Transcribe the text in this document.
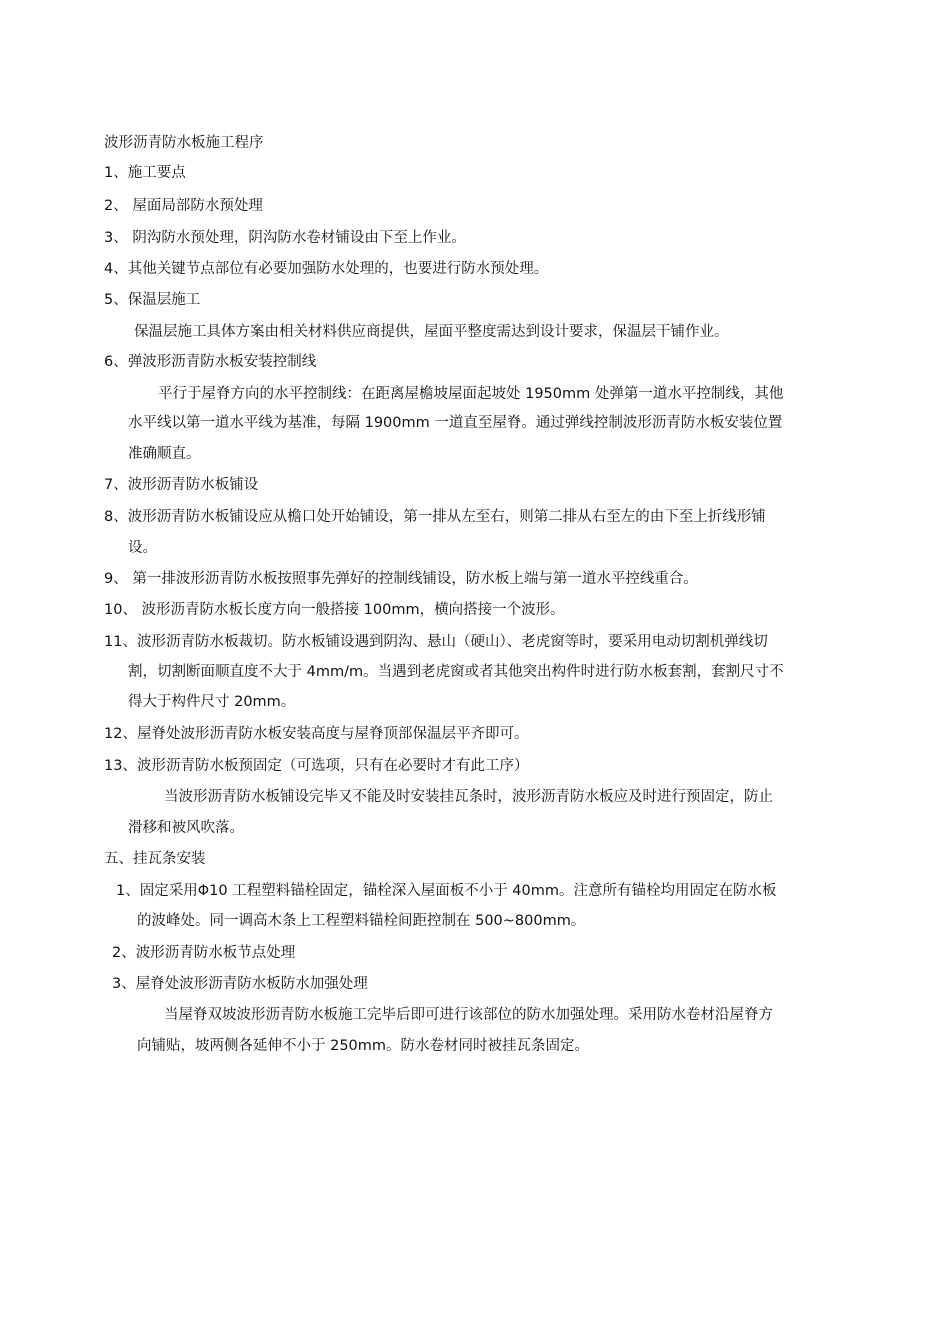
波形沥青防水板施工程序
1、施工要点
2、 屋面局部防水预处理
3、 阴沟防水预处理，阴沟防水卷材铺设由下至上作业。
4、其他关键节点部位有必要加强防水处理的，也要进行防水预处理。
5、保温层施工
保温层施工具体方案由相关材料供应商提供，屋面平整度需达到设计要求，保温层干铺作业。
6、弹波形沥青防水板安装控制线
平行于屋脊方向的水平控制线：在距离屋檐坡屋面起坡处 1950mm 处弹第一道水平控制线，其他
水平线以第一道水平线为基准，每隔 1900mm 一道直至屋脊。通过弹线控制波形沥青防水板安装位置
准确顺直。
7、波形沥青防水板铺设
8、波形沥青防水板铺设应从檐口处开始铺设，第一排从左至右，则第二排从右至左的由下至上折线形铺
设。
9、 第一排波形沥青防水板按照事先弹好的控制线铺设，防水板上端与第一道水平控线重合。
10、 波形沥青防水板长度方向一般搭接 100mm，横向搭接一个波形。
11、波形沥青防水板裁切。防水板铺设遇到阴沟、悬山（硬山）、老虎窗等时，要采用电动切割机弹线切
割，切割断面顺直度不大于 4mm/m。当遇到老虎窗或者其他突出构件时进行防水板套割，套割尺寸不
得大于构件尺寸 20mm。
12、屋脊处波形沥青防水板安装高度与屋脊顶部保温层平齐即可。
13、波形沥青防水板预固定（可选项，只有在必要时才有此工序）
当波形沥青防水板铺设完毕又不能及时安装挂瓦条时，波形沥青防水板应及时进行预固定，防止
滑移和被风吹落。
五、挂瓦条安装
1、固定采用Φ10 工程塑料锚栓固定，锚栓深入屋面板不小于 40mm。注意所有锚栓均用固定在防水板
的波峰处。同一调高木条上工程塑料锚栓间距控制在 500~800mm。
2、波形沥青防水板节点处理
3、屋脊处波形沥青防水板防水加强处理
当屋脊双坡波形沥青防水板施工完毕后即可进行该部位的防水加强处理。采用防水卷材沿屋脊方
向铺贴，坡两侧各延伸不小于 250mm。防水卷材同时被挂瓦条固定。
